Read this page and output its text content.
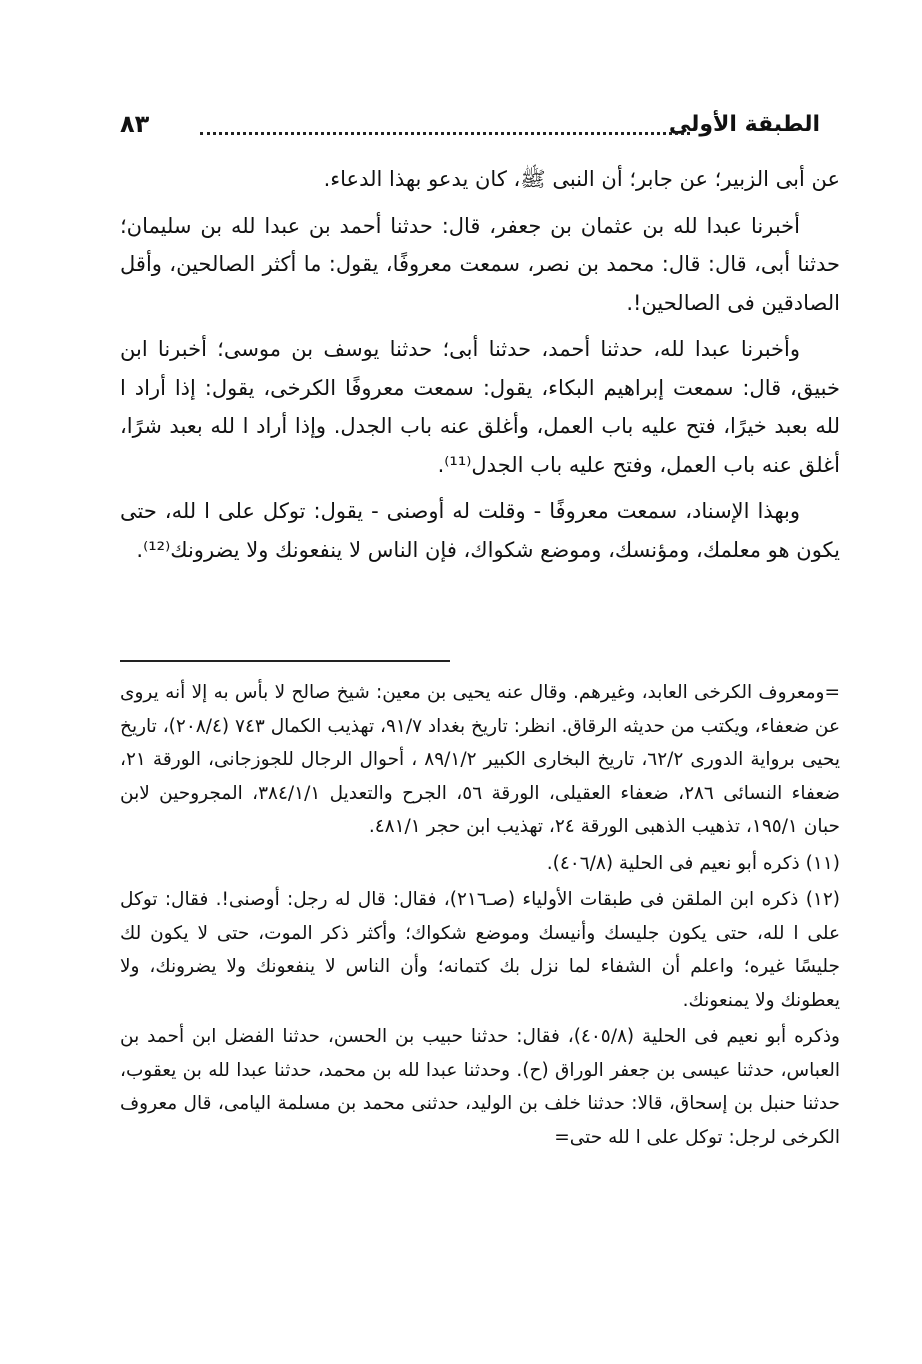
الطبقة الأولى
٨٣

عن أبى الزبير؛ عن جابر؛ أن النبى ﷺ، كان يدعو بهذا الدعاء.

أخبرنا عبدا لله بن عثمان بن جعفر، قال: حدثنا أحمد بن عبدا لله بن سليمان؛ حدثنا أبى، قال: قال: محمد بن نصر، سمعت معروفًا، يقول: ما أكثر الصالحين، وأقل الصادقين فى الصالحين!.

وأخبرنا عبدا لله، حدثنا أحمد، حدثنا أبى؛ حدثنا يوسف بن موسى؛ أخبرنا ابن خبيق، قال: سمعت إبراهيم البكاء، يقول: سمعت معروفًا الكرخى، يقول: إذا أراد ا لله بعبد خيرًا، فتح عليه باب العمل، وأغلق عنه باب الجدل. وإذا أراد ا لله بعبد شرًا، أغلق عنه باب العمل، وفتح عليه باب الجدل⁽¹¹⁾.

وبهذا الإسناد، سمعت معروفًا - وقلت له أوصنى - يقول: توكل على ا لله، حتى يكون هو معلمك، ومؤنسك، وموضع شكواك، فإن الناس لا ينفعونك ولا يضرونك⁽¹²⁾.

=ومعروف الكرخى العابد، وغيرهم. وقال عنه يحيى بن معين: شيخ صالح لا بأس به إلا أنه يروى عن ضعفاء، ويكتب من حديثه الرقاق. انظر: تاريخ بغداد ٩١/٧، تهذيب الكمال ٧٤٣ (٢٠٨/٤)، تاريخ يحيى برواية الدورى ٦٢/٢، تاريخ البخارى الكبير ٨٩/١/٢ ، أحوال الرجال للجوزجانى، الورقة ٢١، ضعفاء النسائى ٢٨٦، ضعفاء العقيلى، الورقة ٥٦، الجرح والتعديل ٣٨٤/١/١، المجروحين لابن حبان ١٩٥/١، تذهيب الذهبى الورقة ٢٤، تهذيب ابن حجر ٤٨١/١.

(١١) ذكره أبو نعيم فى الحلية (٤٠٦/٨).

(١٢) ذكره ابن الملقن فى طبقات الأولياء (صـ٢١٦)، فقال: قال له رجل: أوصنى!. فقال: توكل على ا لله، حتى يكون جليسك وأنيسك وموضع شكواك؛ وأكثر ذكر الموت، حتى لا يكون لك جليسًا غيره؛ واعلم أن الشفاء لما نزل بك كتمانه؛ وأن الناس لا ينفعونك ولا يضرونك، ولا يعطونك ولا يمنعونك.

وذكره أبو نعيم فى الحلية (٤٠٥/٨)، فقال: حدثنا حبيب بن الحسن، حدثنا الفضل ابن أحمد بن العباس، حدثنا عيسى بن جعفر الوراق (ح). وحدثنا عبدا لله بن محمد، حدثنا عبدا لله بن يعقوب، حدثنا حنبل بن إسحاق، قالا: حدثنا خلف بن الوليد، حدثنى محمد بن مسلمة اليامى، قال معروف الكرخى لرجل: توكل على ا لله حتى=
